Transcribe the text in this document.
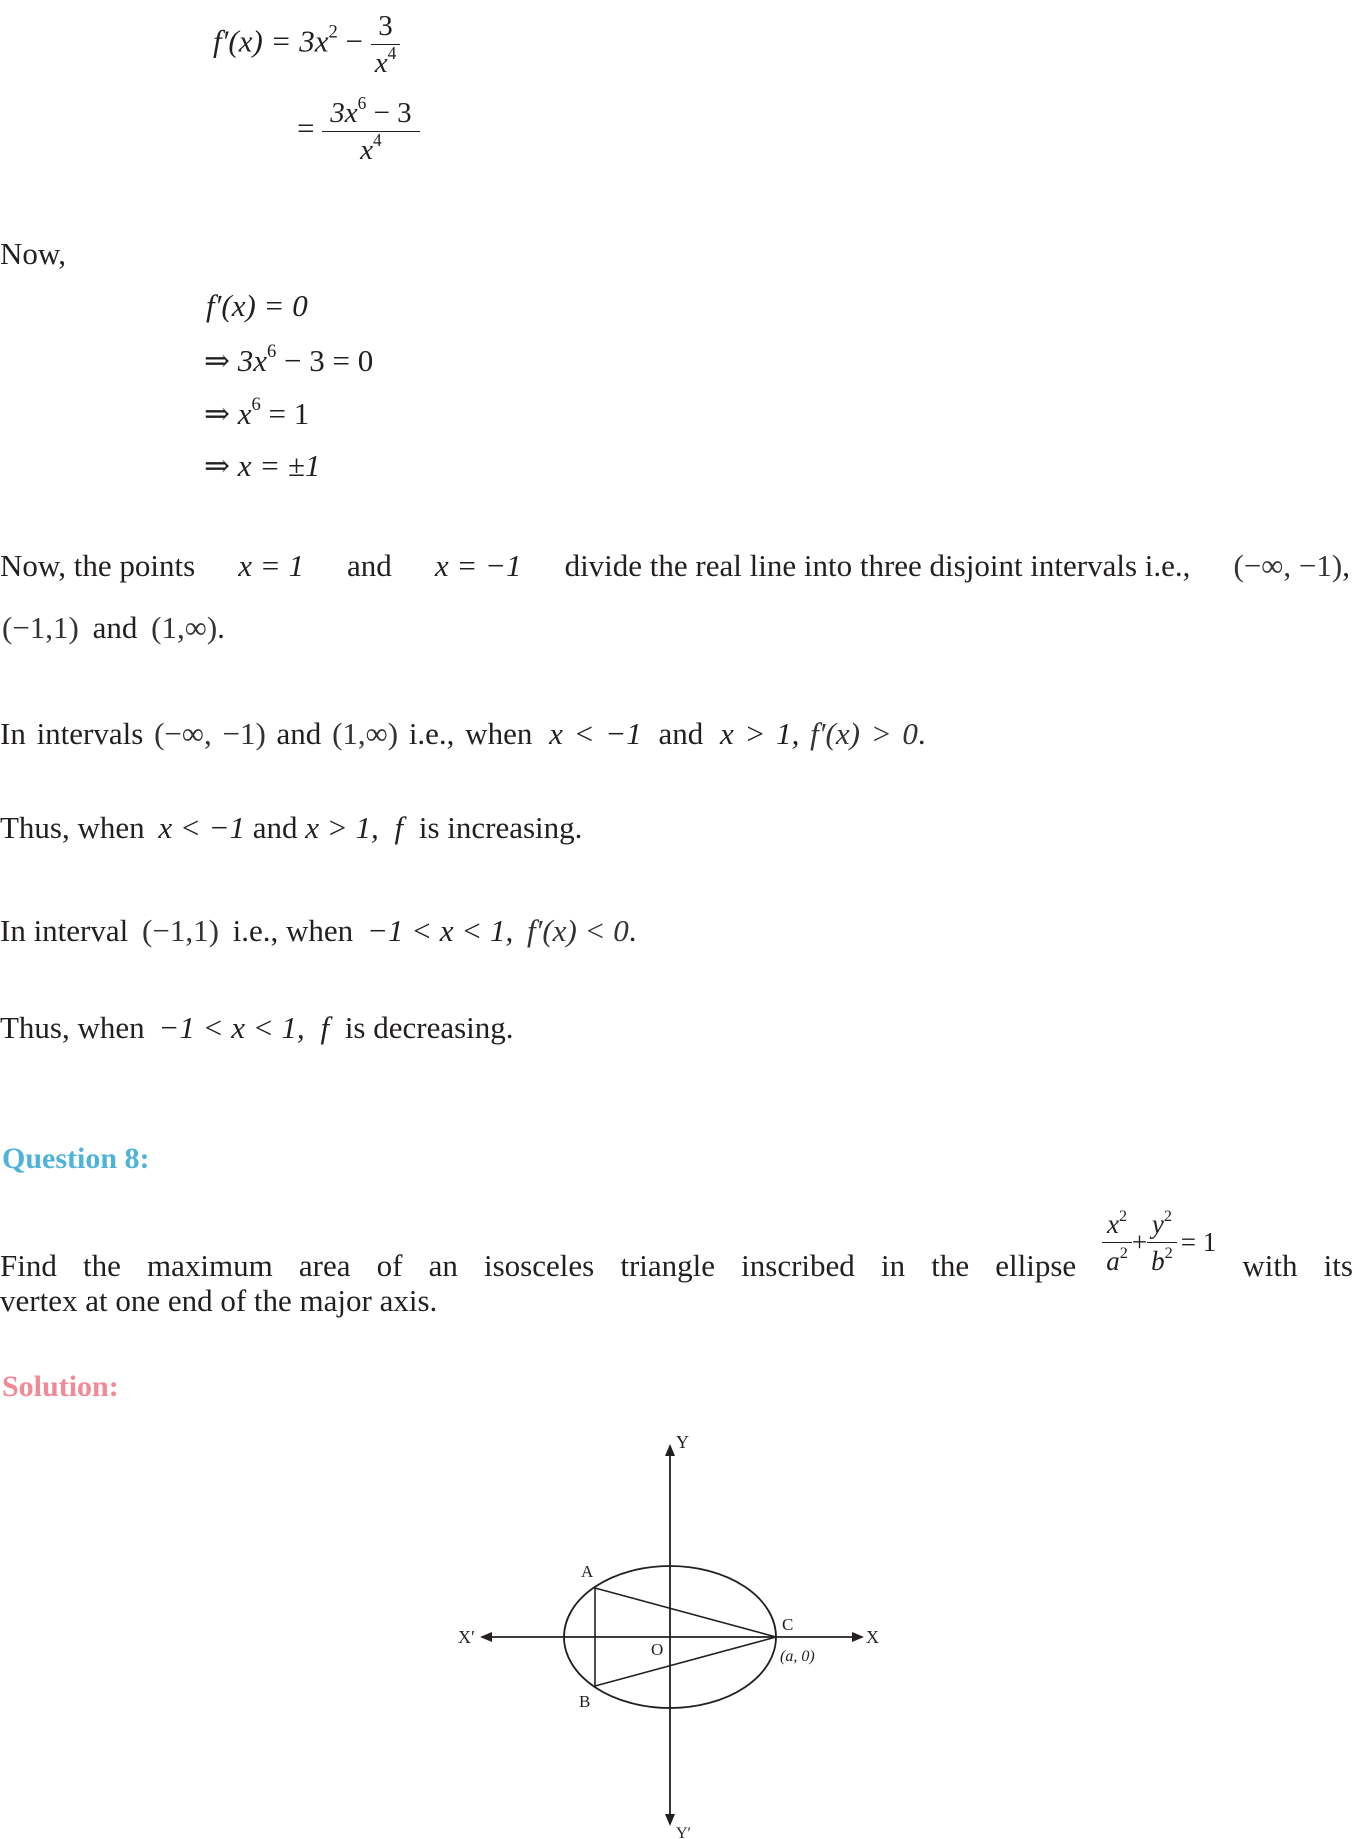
$f'(x) = 3x^2 - \frac{3}{x^4}$
= $\frac{3x^6 - 3}{x^4}$
Now,
f′(x) = 0
⇒ $3x^6 - 3 = 0$
⇒ $x^6 = 1$
⇒ x = ±1
Now, the points x = 1 and x = −1 divide the real line into three disjoint intervals i.e., (−∞, −1),
(−1,1) and (1,∞).
In intervals (−∞, −1) and (1,∞) i.e., when x < −1 and x > 1, f′(x) > 0.
Thus, when x < −1 and x > 1, f is increasing.
In interval (−1,1) i.e., when −1 < x < 1, f′(x) < 0.
Thus, when −1 < x < 1, f is decreasing.
Question 8:
Find the maximum area of an isosceles triangle inscribed in the ellipse $\frac{x^2}{a^2} + \frac{y^2}{b^2} = 1$
with its
vertex at one end of the major axis.
Solution:
Y
Y′
X
X′
O
A
B
C
(a, 0)
